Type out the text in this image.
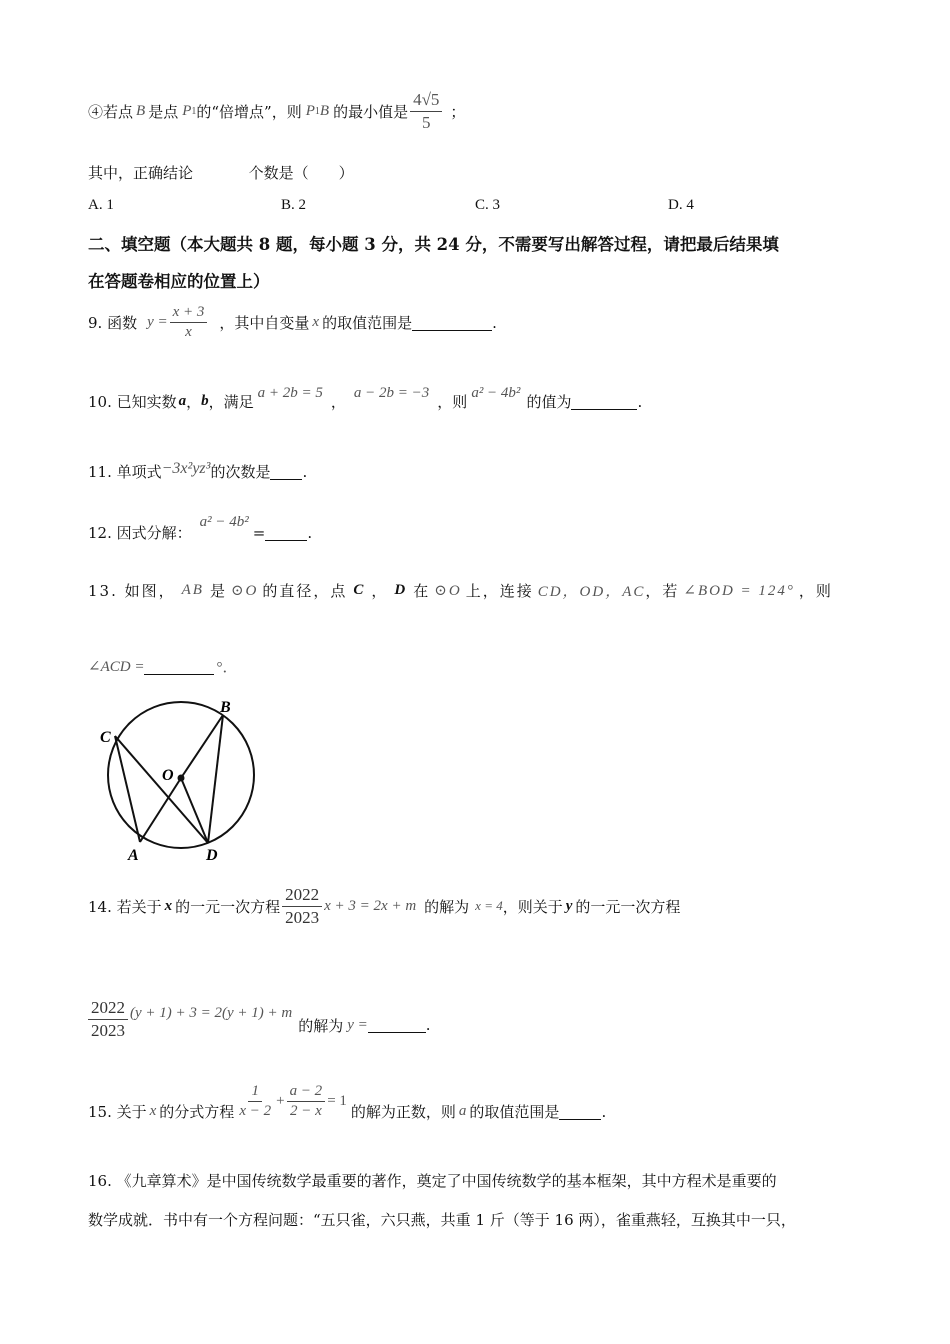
④若点 B 是点 P 1 的“倍增点”，则 P 1 B 的最小值是 $\frac{4√5}{5}$ ；
其中，正确结论	个数是（　　）
A. 1	B. 2	C. 3	D. 4
二、填空题（本大题共 8 题，每小题 3 分，共 24 分，不需要写出解答过程，请把最后结果填
在答题卷相应的位置上）
9. 函数 $y = \frac{x + 3}{x}$ ，其中自变量 x 的取值范围是	.
10. 已知实数 a ， b ，满足 a + 2b = 5 ， a − 2b = −3 ，则 a² − 4b² 的值为	.
11. 单项式 −3x²yz³ 的次数是 .
12. 因式分解：
a² − 4b²
=	.
13. 如图， AB 是 ⊙O 的直径，点 C ， D 在 ⊙O 上，连接 CD，OD，AC ，若 ∠BOD = 124° ，则
∠ACD =	°．
B
C
O
A	D
14. 若关于 x 的一元一次方程 $\frac{2022}{2023}$ x + 3 = 2x + m 的解为 x = 4 ，则关于 y 的一元一次方程
$\frac{2022}{2023} (y + 1) + 3 = 2(y + 1) + m$
的解为 y =	.
15. 关于 x 的分式方程 $\frac{1}{x - 2} + \frac{a - 2}{2 - x} = 1$
的解为正数，则 a 的取值范围是	.
16. 《九章算术》是中国传统数学最重要的著作，奠定了中国传统数学的基本框架，其中方程术是重要的
数学成就．书中有一个方程问题：“五只雀，六只燕，共重 1 斤（等于 16 两），雀重燕轻，互换其中一只，
